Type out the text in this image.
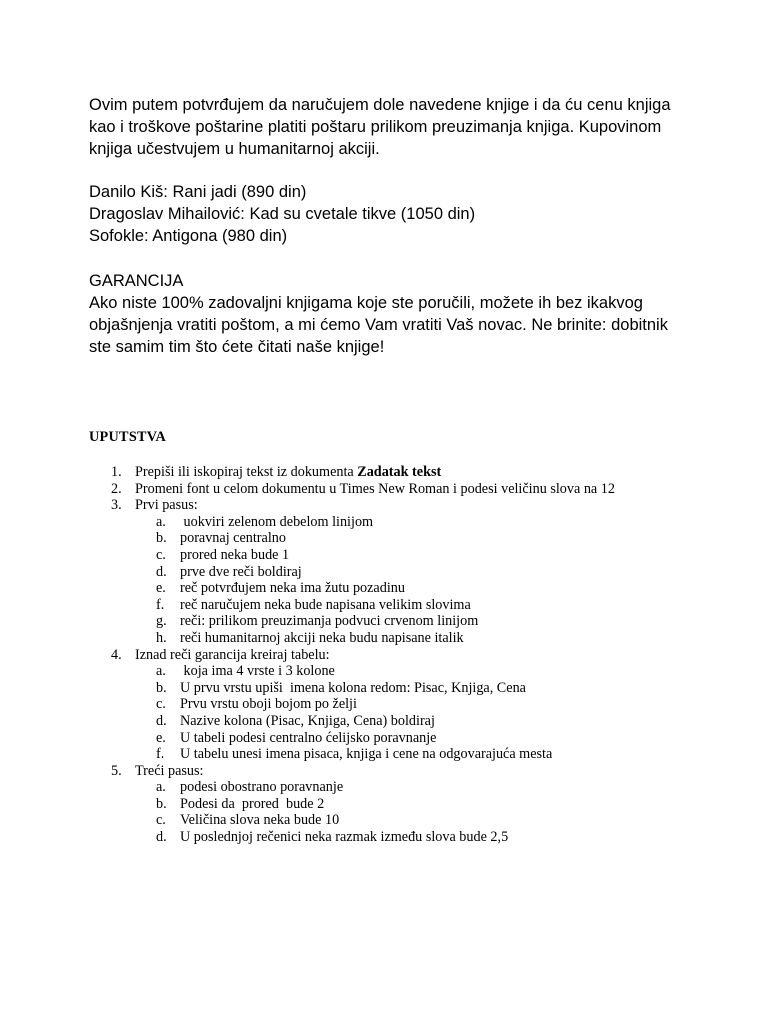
Ovim putem potvrđujem da naručujem dole navedene knjige i da ću cenu knjiga kao i troškove poštarine platiti poštaru prilikom preuzimanja knjiga. Kupovinom knjiga učestvujem u humanitarnoj akciji.

Danilo Kiš: Rani jadi (890 din)
Dragoslav Mihailović: Kad su cvetale tikve (1050 din)
Sofokle: Antigona (980 din)
GARANCIJA

Ako niste 100% zadovaljni knjigama koje ste poručili, možete ih bez ikakvog objašnjenja vratiti poštom, a mi ćemo Vam vratiti Vaš novac. Ne brinite: dobitnik ste samim tim što ćete čitati naše knjige!

UPUTSTVA
1. Prepiši ili iskopiraj tekst iz dokumenta Zadatak tekst
2. Promeni font u celom dokumentu u Times New Roman i podesi veličinu slova na 12
3. Prvi pasus:
a. uokviri zelenom debelom linijom
b. poravnaj centralno
c. prored neka bude 1
d. prve dve reči boldiraj
e. reč potvrđujem neka ima žutu pozadinu
f. reč naručujem neka bude napisana velikim slovima
g. reči: prilikom preuzimanja podvuci crvenom linijom
h. reči humanitarnoj akciji neka budu napisane italik
4. Iznad reči garancija kreiraj tabelu:
a. koja ima 4 vrste i 3 kolone
b. U prvu vrstu upiši  imena kolona redom: Pisac, Knjiga, Cena
c. Prvu vrstu oboji bojom po želji
d. Nazive kolona (Pisac, Knjiga, Cena) boldiraj
e. U tabeli podesi centralno ćelijsko poravnanje
f. U tabelu unesi imena pisaca, knjiga i cene na odgovarajuća mesta
5. Treći pasus:
a. podesi obostrano poravnanje
b. Podesi da  prored  bude 2
c. Veličina slova neka bude 10
d. U poslednjoj rečenici neka razmak između slova bude 2,5
